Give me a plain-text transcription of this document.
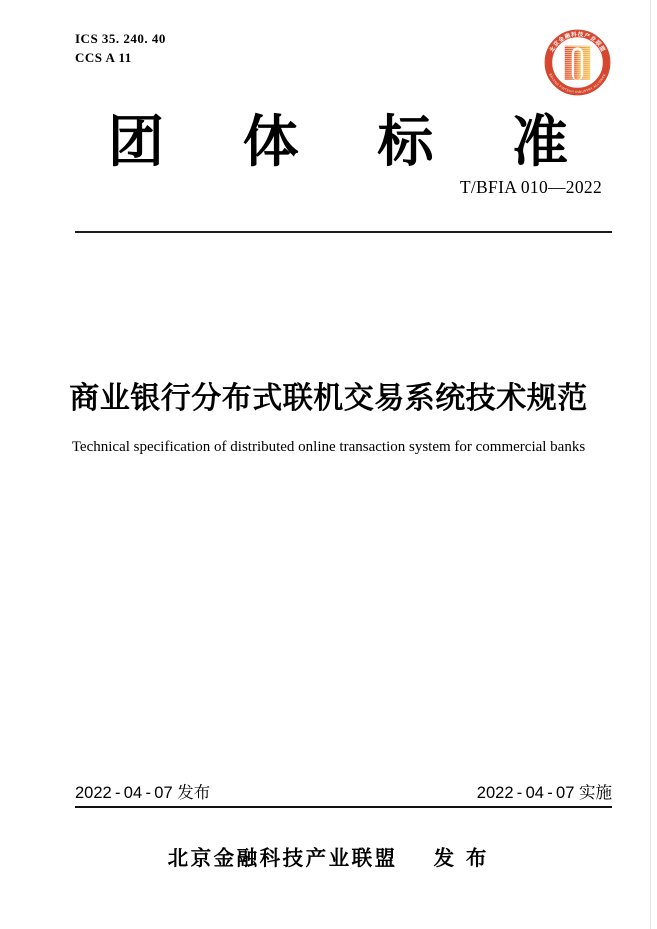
ICS 35. 240. 40
CCS A 11
北京金融科技产业联盟
BEIJING FINTECH INDUSTRY ALLIANCE
团 体 标 准
T/BFIA 010—2022
商业银行分布式联机交易系统技术规范
Technical specification of distributed online transaction system for commercial banks
2022 - 04 - 07 发布	2022 - 04 - 07 实施
北京金融科技产业联盟 发 布
